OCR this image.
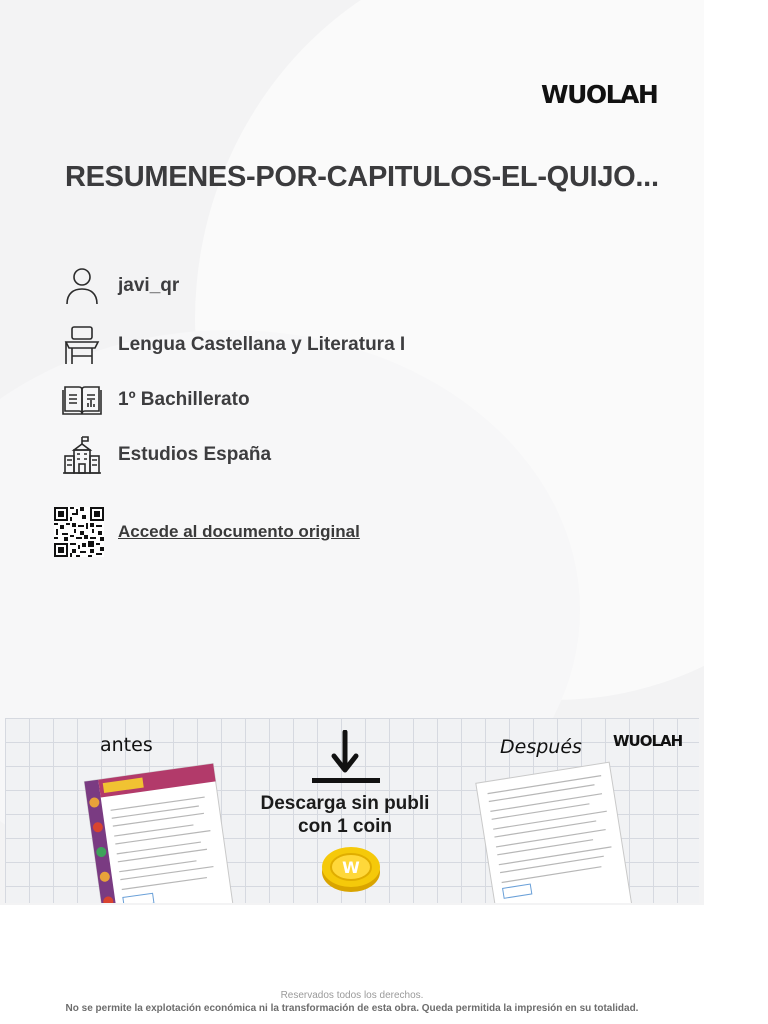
WUOLAH
RESUMENES-POR-CAPITULOS-EL-QUIJO...
javi_qr
Lengua Castellana y Literatura I
1º Bachillerato
Estudios España
Accede al documento original
antes	Después WUOLAH
Descarga sin publi
con 1 coin
W
Reservados todos los derechos.
No se permite la explotación económica ni la transformación de esta obra. Queda permitida la impresión en su totalidad.
